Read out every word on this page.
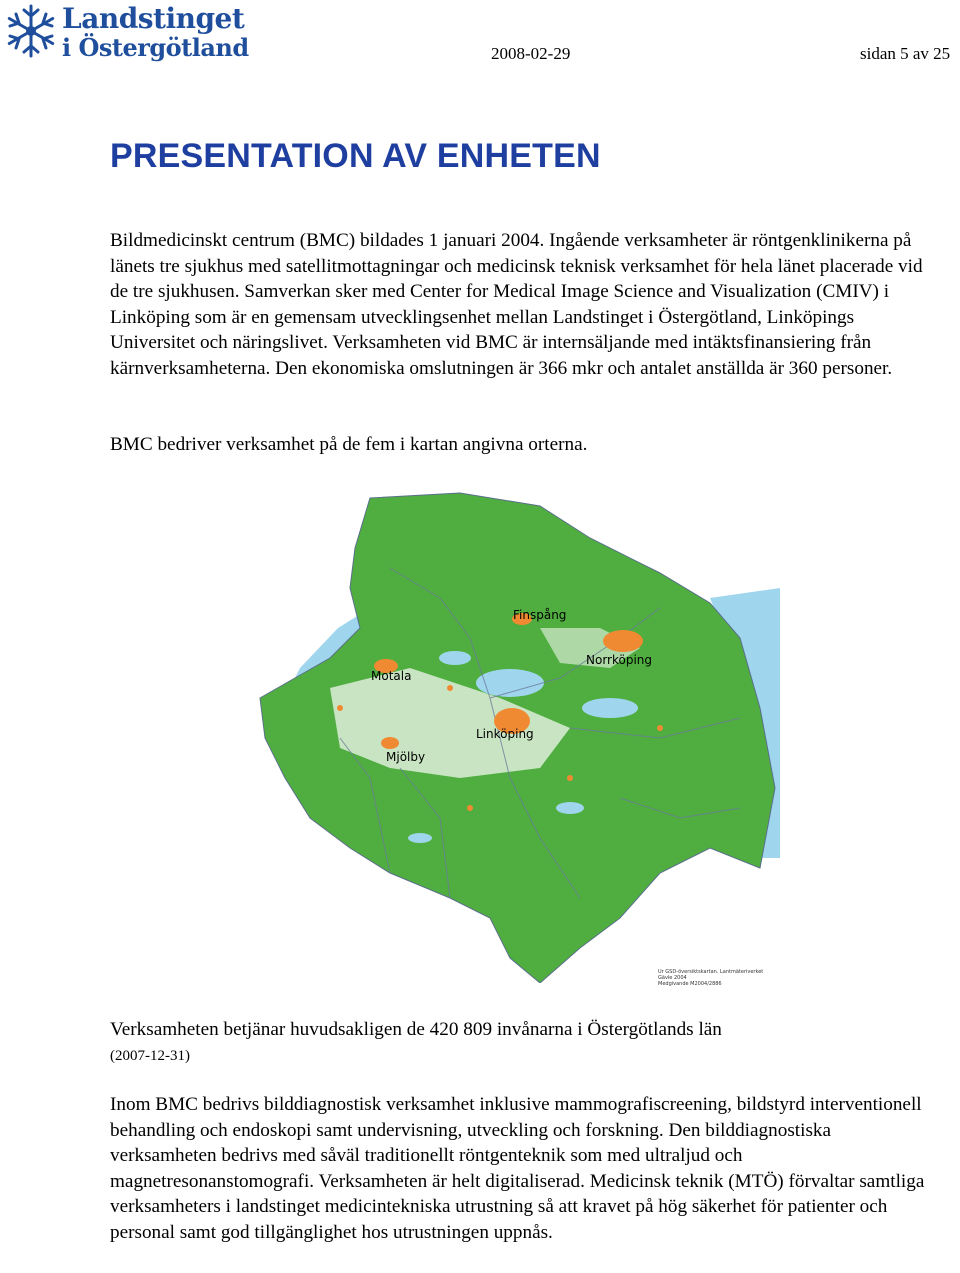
Landstinget
i Östergötland	2008-02-29	sidan 5 av 25
PRESENTATION AV ENHETEN
Bildmedicinskt centrum (BMC) bildades 1 januari 2004. Ingående verksamheter är röntgenklinikerna på länets tre sjukhus med satellitmottagningar och medicinsk teknisk verksamhet för hela länet placerade vid de tre sjukhusen. Samverkan sker med Center for Medical Image Science and Visualization (CMIV) i Linköping som är en gemensam utvecklingsenhet mellan Landstinget i Östergötland, Linköpings Universitet och näringslivet. Verksamheten vid BMC är internsäljande med intäktsfinansiering från kärnverksamheterna. Den ekonomiska omslutningen är 366 mkr och antalet anställda är 360 personer.
BMC bedriver verksamhet på de fem i kartan angivna orterna.
Finspång
Norrköping
Motala
Linköping
Mjölby
Ur GSD-översiktskartan. Lantmäteriverket Gävle 2004
Medgivande M2004/2886
Verksamheten betjänar huvudsakligen de 420 809 invånarna i Östergötlands län
(2007-12-31)
Inom BMC bedrivs bilddiagnostisk verksamhet inklusive mammografiscreening, bildstyrd interventionell behandling och endoskopi samt undervisning, utveckling och forskning. Den bilddiagnostiska verksamheten bedrivs med såväl traditionellt röntgenteknik som med ultraljud och magnetresonanstomografi. Verksamheten är helt digitaliserad. Medicinsk teknik (MTÖ) förvaltar samtliga verksamheters i landstinget medicintekniska utrustning så att kravet på hög säkerhet för patienter och personal samt god tillgänglighet hos utrustningen uppnås.
